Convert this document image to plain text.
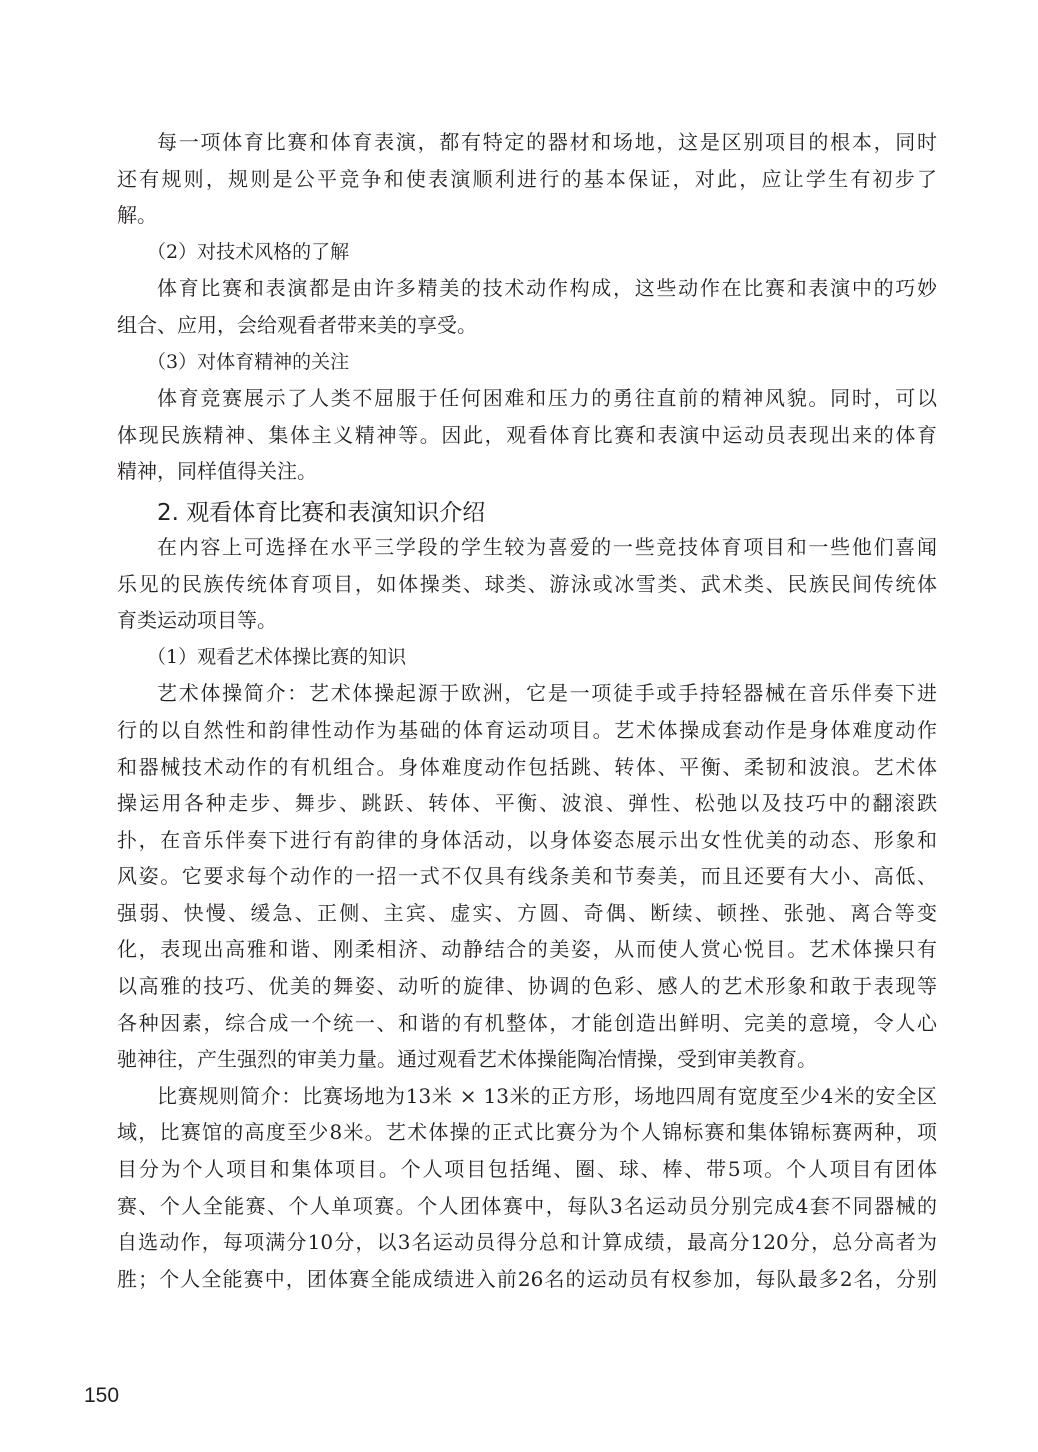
每一项体育比赛和体育表演，都有特定的器材和场地，这是区别项目的根本，同时
还有规则，规则是公平竞争和使表演顺利进行的基本保证，对此，应让学生有初步了
解。
（2）对技术风格的了解
体育比赛和表演都是由许多精美的技术动作构成，这些动作在比赛和表演中的巧妙
组合、应用，会给观看者带来美的享受。
（3）对体育精神的关注
体育竞赛展示了人类不屈服于任何困难和压力的勇往直前的精神风貌。同时，可以
体现民族精神、集体主义精神等。因此，观看体育比赛和表演中运动员表现出来的体育
精神，同样值得关注。
2. 观看体育比赛和表演知识介绍
在内容上可选择在水平三学段的学生较为喜爱的一些竞技体育项目和一些他们喜闻
乐见的民族传统体育项目，如体操类、球类、游泳或冰雪类、武术类、民族民间传统体
育类运动项目等。
（1）观看艺术体操比赛的知识
艺术体操简介：艺术体操起源于欧洲，它是一项徒手或手持轻器械在音乐伴奏下进
行的以自然性和韵律性动作为基础的体育运动项目。艺术体操成套动作是身体难度动作
和器械技术动作的有机组合。身体难度动作包括跳、转体、平衡、柔韧和波浪。艺术体
操运用各种走步、舞步、跳跃、转体、平衡、波浪、弹性、松弛以及技巧中的翻滚跌
扑，在音乐伴奏下进行有韵律的身体活动，以身体姿态展示出女性优美的动态、形象和
风姿。它要求每个动作的一招一式不仅具有线条美和节奏美，而且还要有大小、高低、
强弱、快慢、缓急、正侧、主宾、虚实、方圆、奇偶、断续、顿挫、张弛、离合等变
化，表现出高雅和谐、刚柔相济、动静结合的美姿，从而使人赏心悦目。艺术体操只有
以高雅的技巧、优美的舞姿、动听的旋律、协调的色彩、感人的艺术形象和敢于表现等
各种因素，综合成一个统一、和谐的有机整体，才能创造出鲜明、完美的意境，令人心
驰神往，产生强烈的审美力量。通过观看艺术体操能陶冶情操，受到审美教育。
比赛规则简介：比赛场地为13米 × 13米的正方形，场地四周有宽度至少4米的安全区
域，比赛馆的高度至少8米。艺术体操的正式比赛分为个人锦标赛和集体锦标赛两种，项
目分为个人项目和集体项目。个人项目包括绳、圈、球、棒、带5项。个人项目有团体
赛、个人全能赛、个人单项赛。个人团体赛中，每队3名运动员分别完成4套不同器械的
自选动作，每项满分10分，以3名运动员得分总和计算成绩，最高分120分，总分高者为
胜；个人全能赛中，团体赛全能成绩进入前26名的运动员有权参加，每队最多2名，分别
150
